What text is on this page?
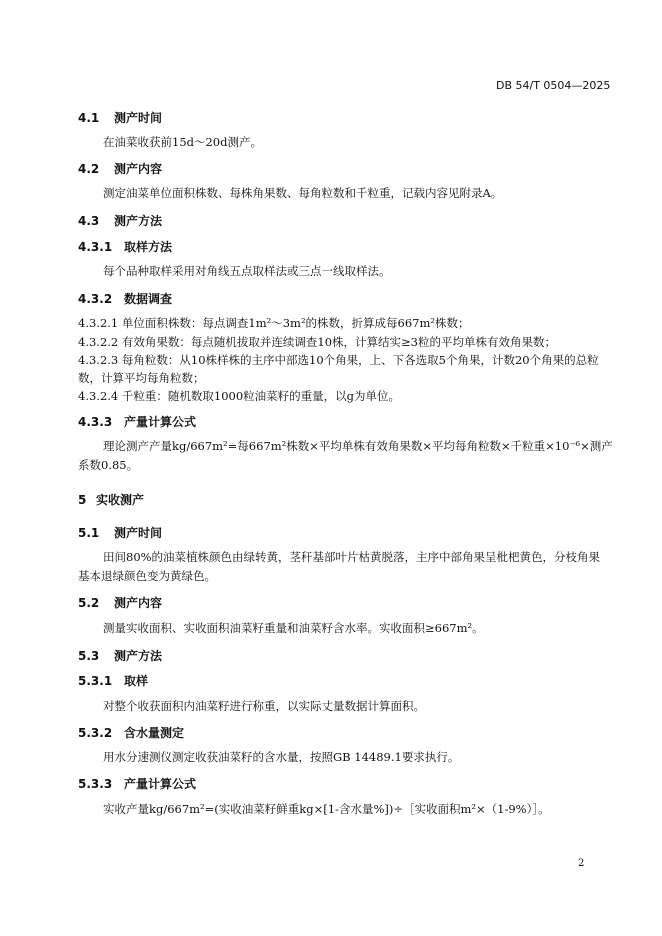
DB 54/T 0504—2025
4.1 测产时间
在油菜收获前15d～20d测产。
4.2 测产内容
测定油菜单位面积株数、每株角果数、每角粒数和千粒重，记载内容见附录A。
4.3 测产方法
4.3.1 取样方法
每个品种取样采用对角线五点取样法或三点一线取样法。
4.3.2 数据调查
4.3.2.1 单位面积株数：每点调查1m²～3m²的株数，折算成每667m²株数；
4.3.2.2 有效角果数：每点随机拔取并连续调查10株，计算结实≥3粒的平均单株有效角果数；
4.3.2.3 每角粒数：从10株样株的主序中部选10个角果，上、下各选取5个角果，计数20个角果的总粒
数，计算平均每角粒数；
4.3.2.4 千粒重：随机数取1000粒油菜籽的重量，以g为单位。
4.3.3 产量计算公式
理论测产产量kg/667m²=每667m²株数×平均单株有效角果数×平均每角粒数×千粒重×10⁻⁶×测产
系数0.85。
5 实收测产
5.1 测产时间
田间80%的油菜植株颜色由绿转黄，茎秆基部叶片枯黄脱落，主序中部角果呈枇杷黄色，分枝角果
基本退绿颜色变为黄绿色。
5.2 测产内容
测量实收面积、实收面积油菜籽重量和油菜籽含水率。实收面积≥667m²。
5.3 测产方法
5.3.1 取样
对整个收获面积内油菜籽进行称重，以实际丈量数据计算面积。
5.3.2 含水量测定
用水分速测仪测定收获油菜籽的含水量，按照GB 14489.1要求执行。
5.3.3 产量计算公式
实收产量kg/667m²=(实收油菜籽鲜重kg×[1-含水量%])÷［实收面积m²×（1-9%）］。
2
